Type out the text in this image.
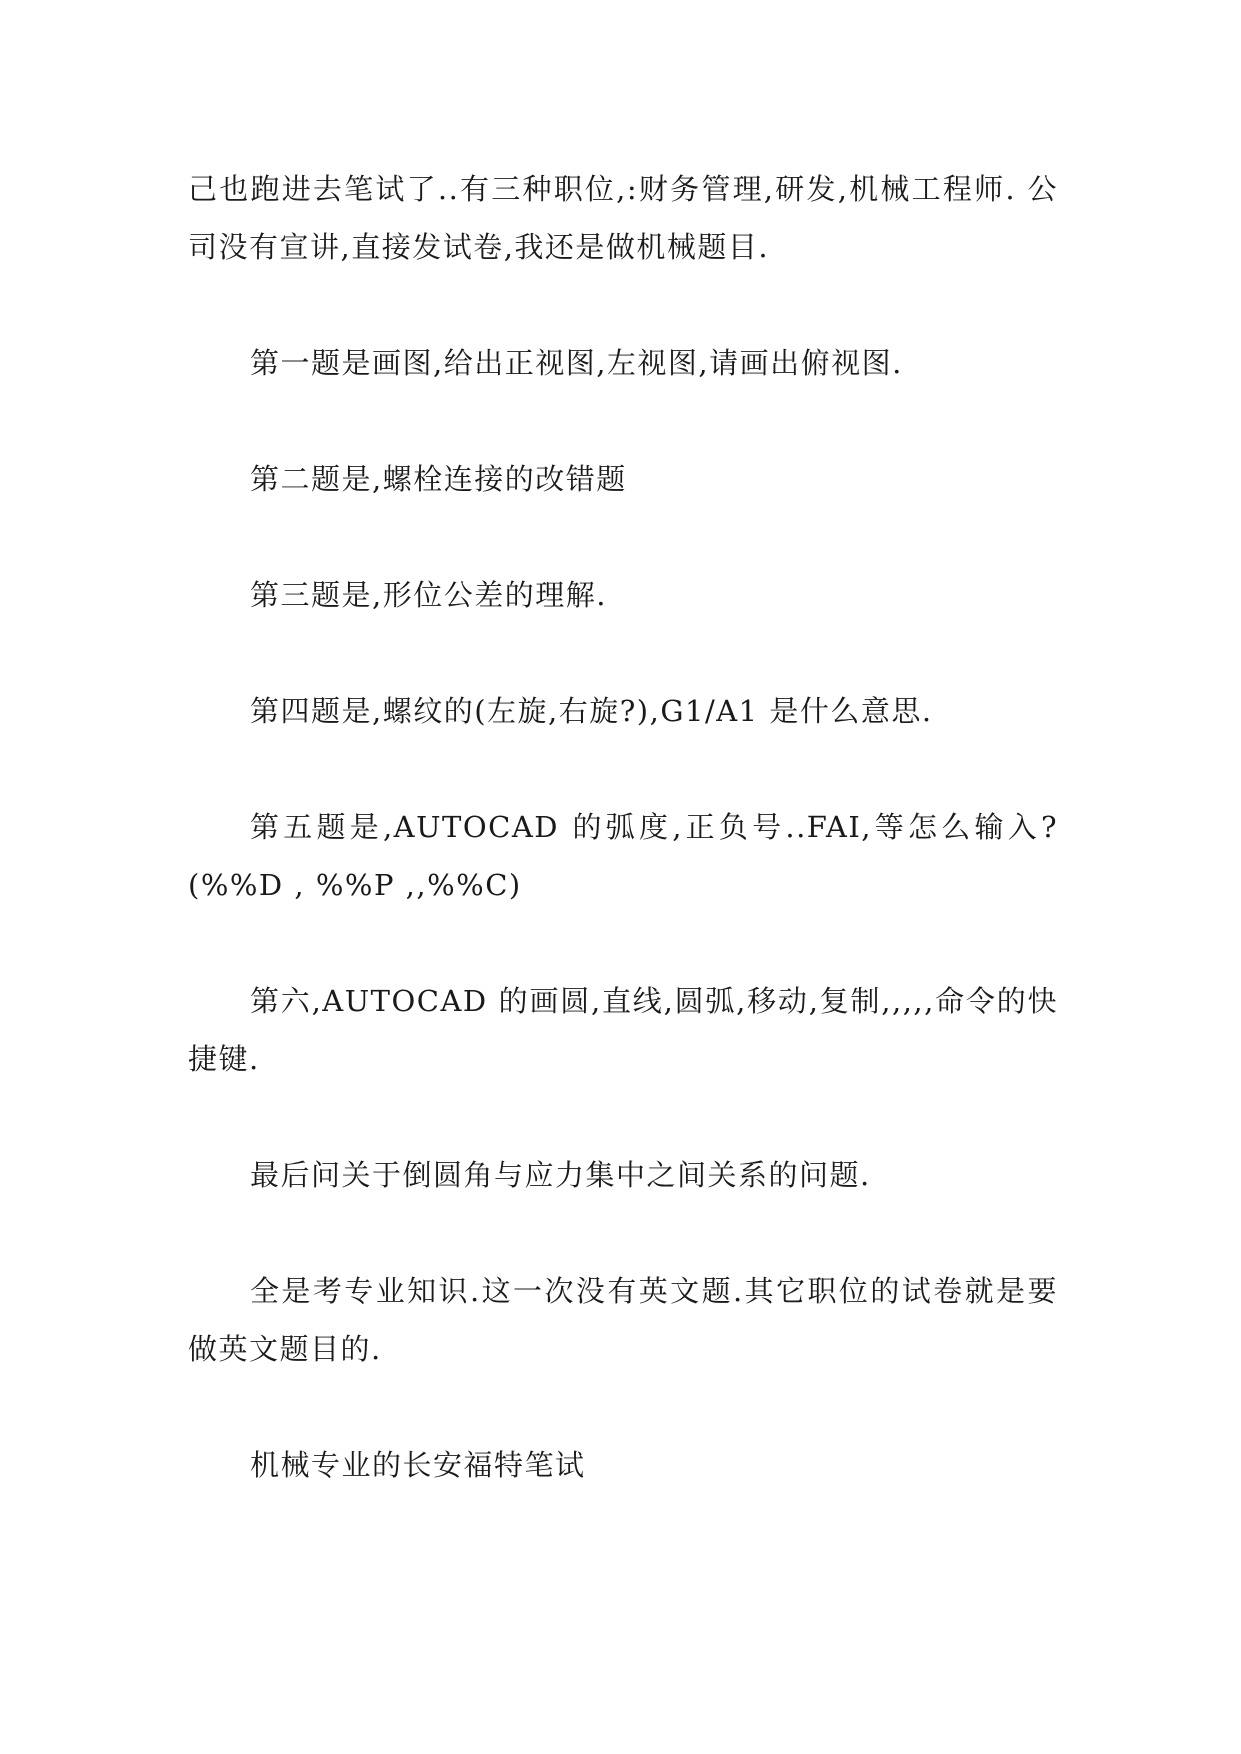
己也跑进去笔试了..有三种职位,:财务管理,研发,机械工程师. 公司没有宣讲,直接发试卷,我还是做机械题目.

第一题是画图,给出正视图,左视图,请画出俯视图.

第二题是,螺栓连接的改错题

第三题是,形位公差的理解.

第四题是,螺纹的(左旋,右旋?),G1/A1 是什么意思.

第五题是,AUTOCAD 的弧度,正负号..FAI,等怎么输入?(%%D , %%P ,,%%C)

第六,AUTOCAD 的画圆,直线,圆弧,移动,复制,,,,,命令的快捷键.

最后问关于倒圆角与应力集中之间关系的问题.

全是考专业知识.这一次没有英文题.其它职位的试卷就是要做英文题目的.

机械专业的长安福特笔试
